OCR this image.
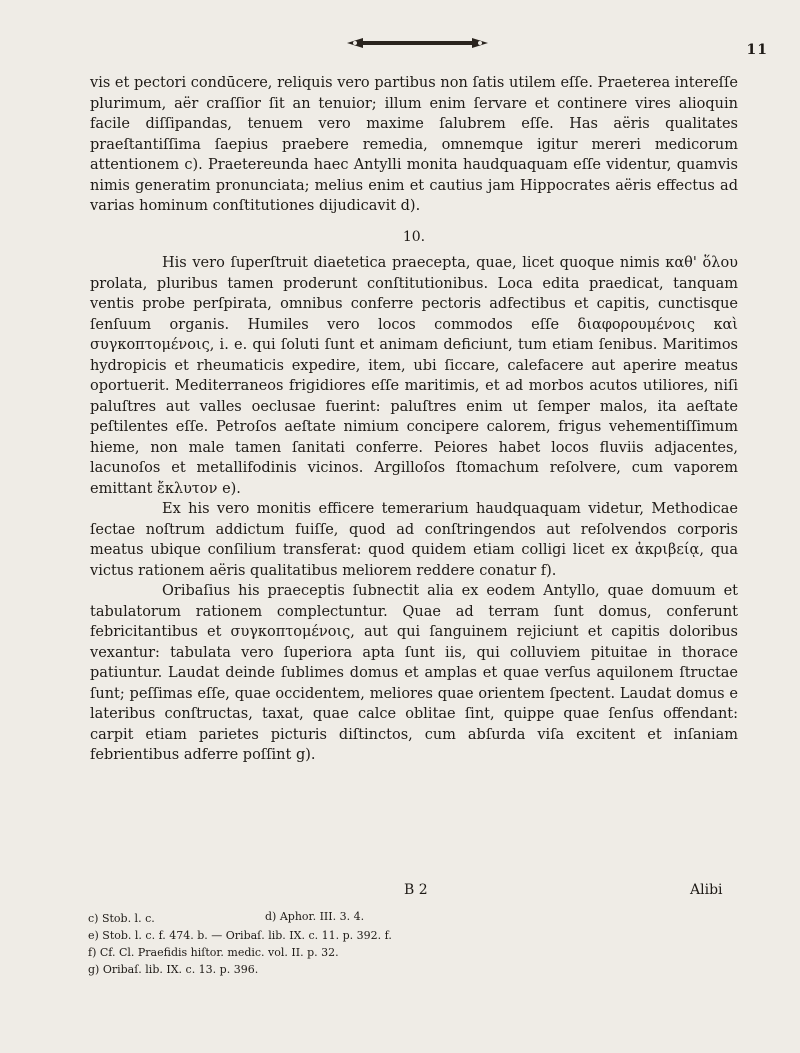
11

vis et pectori condūcere, reliquis vero partibus non ſatis utilem eſſe. Praeterea intereſſe plurimum, aër craſſior ſit an tenuior; illum enim ſervare et continere vires alioquin facile diſſipandas, tenuem vero maxime ſalubrem eſſe. Has aëris qualitates praeſtantiſſima ſaepius praebere remedia, omnemque igitur mereri medicorum attentionem c). Praetereunda haec Antylli monita haudquaquam eſſe videntur, quamvis nimis generatim pronunciata; melius enim et cautius jam Hippocrates aëris effectus ad varias hominum conſtitutiones dijudicavit d).

10.

His vero ſuperſtruit diaetetica praecepta, quae, licet quoque nimis καθ' ὅλου prolata, pluribus tamen proderunt conſtitutionibus. Loca edita praedicat, tanquam ventis probe perſpirata, omnibus conferre pectoris adfectibus et capitis, cunctisque ſenſuum organis. Humiles vero locos commodos eſſe διαφορουμένοις καὶ συγκοπτομένοις, i. e. qui ſoluti ſunt et animam deficiunt, tum etiam ſenibus. Maritimos hydropicis et rheumaticis expedire, item, ubi ſiccare, calefacere aut aperire meatus oportuerit. Mediterraneos frigidiores eſſe maritimis, et ad morbos acutos utiliores, niſi paluſtres aut valles oeclusae fuerint: paluſtres enim ut ſemper malos, ita aeſtate peſtilentes eſſe. Petroſos aeſtate nimium concipere calorem, frigus vehementiſſimum hieme, non male tamen ſanitati conferre. Peiores habet locos fluviis adjacentes, lacunoſos et metallifodinis vicinos. Argilloſos ſtomachum reſolvere, cum vaporem emittant ἔκλυτον e).

Ex his vero monitis efficere temerarium haudquaquam videtur, Methodicae ſectae noſtrum addictum fuiſſe, quod ad conſtringendos aut reſolvendos corporis meatus ubique conſilium transferat: quod quidem etiam colligi licet ex ἀκριβείᾳ, qua victus rationem aëris qualitatibus meliorem reddere conatur f).

Oribaſius his praeceptis ſubnectit alia ex eodem Antyllo, quae domuum et tabulatorum rationem complectuntur. Quae ad terram ſunt domus, conferunt febricitantibus et συγκοπτομένοις, aut qui ſanguinem rejiciunt et capitis doloribus vexantur: tabulata vero ſuperiora apta ſunt iis, qui colluviem pituitae in thorace patiuntur. Laudat deinde ſublimes domus et amplas et quae verſus aquilonem ſtructae ſunt; peſſimas eſſe, quae occidentem, meliores quae orientem ſpectent. Laudat domus e lateribus conſtructas, taxat, quae calce oblitae ſint, quippe quae ſenſus offendant: carpit etiam parietes picturis diſtinctos, cum abſurda viſa excitent et inſaniam febrientibus adferre poſſint g).

B 2	Alibi
c) Stob. l. c.
e) Stob. l. c. f. 474. b. — Oribaſ. lib. IX. c. 11. p. 392. f.
f) Cf. Cl. Praefidis hiſtor. medic. vol. II. p. 32.
g) Oribaſ. lib. IX. c. 13. p. 396.
d) Aphor. III. 3. 4.
